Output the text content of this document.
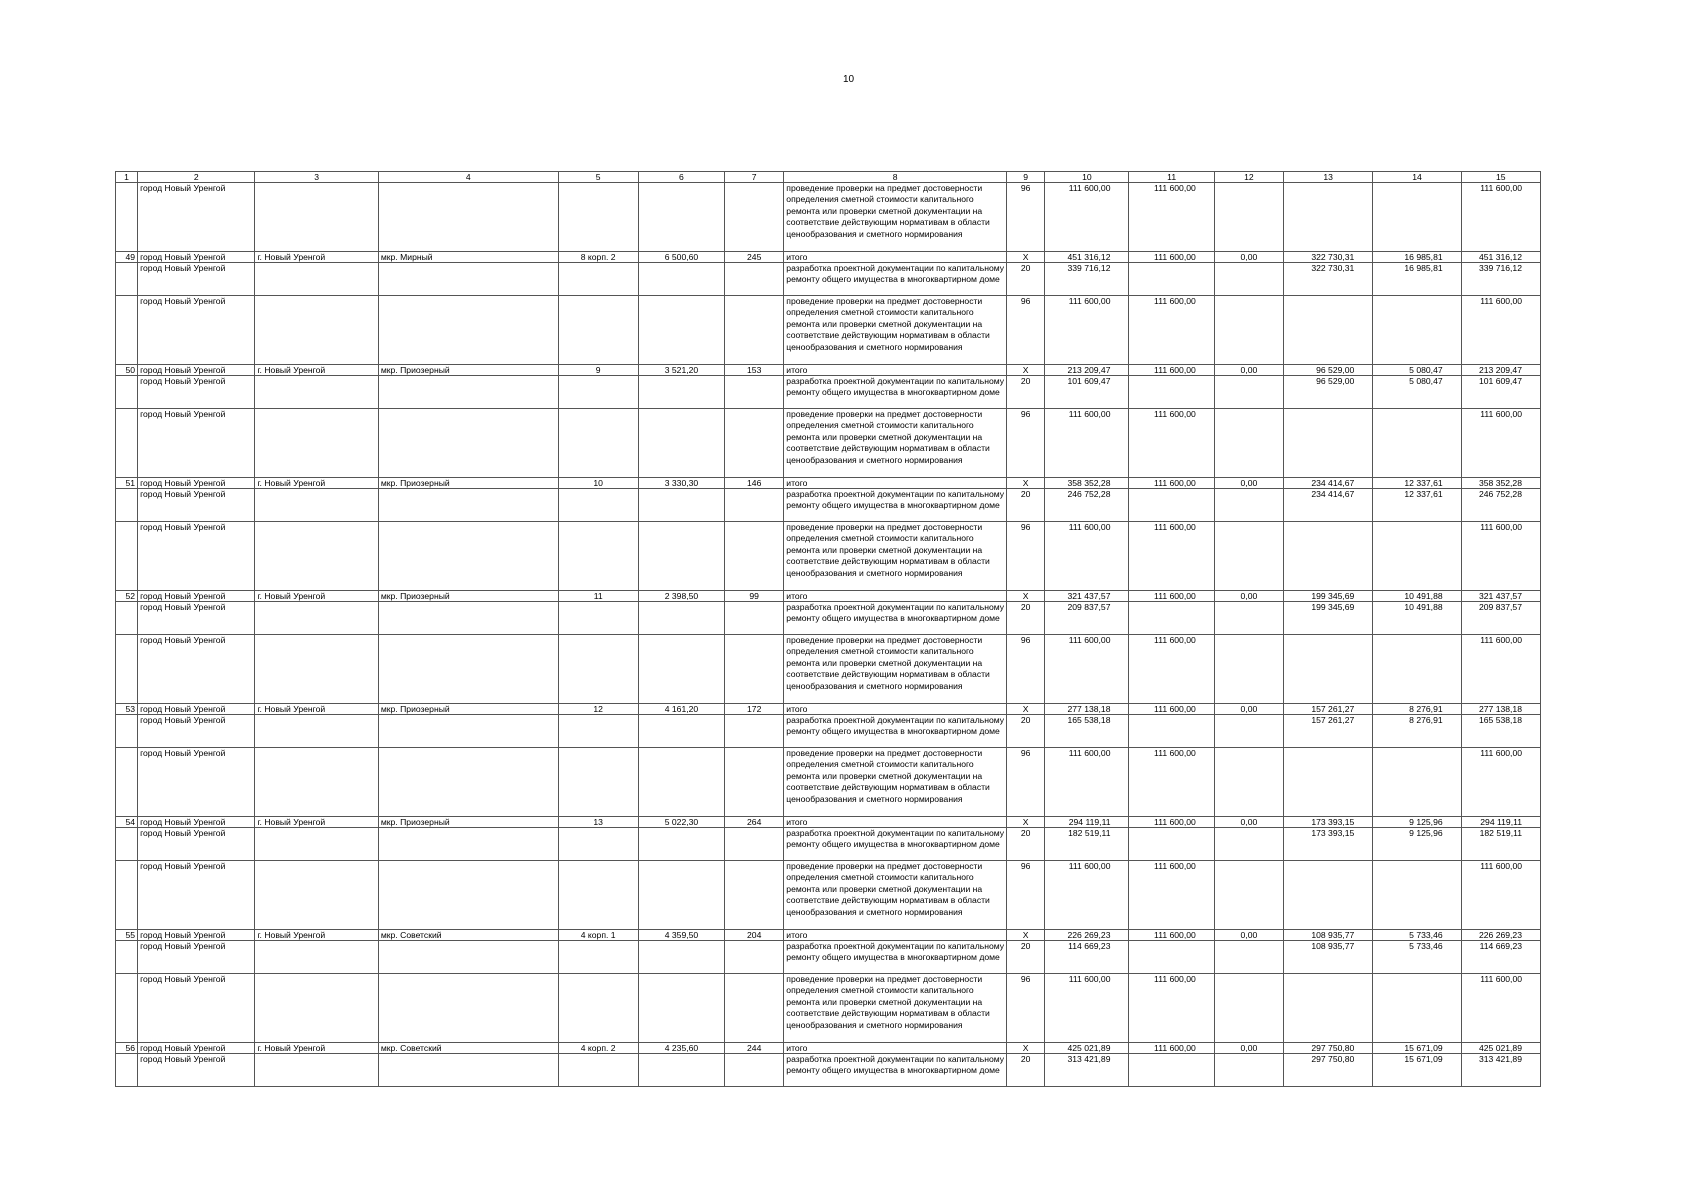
10
1	2	3	4	5	6	7	8	9	10	11	12	13	14	15
	город Новый Уренгой						проведение проверки на предмет достоверности определения сметной стоимости капитального ремонта или проверки сметной документации на соответствие действующим нормативам в области ценообразования и сметного нормирования	96	111 600,00	111 600,00				111 600,00
49	город Новый Уренгой	г. Новый Уренгой	мкр. Мирный	8 корп. 2	6 500,60	245	итого	Х	451 316,12	111 600,00	0,00	322 730,31	16 985,81	451 316,12
	город Новый Уренгой						разработка проектной документации по капитальному ремонту общего имущества в многоквартирном доме	20	339 716,12			322 730,31	16 985,81	339 716,12
	город Новый Уренгой						проведение проверки на предмет достоверности определения сметной стоимости капитального ремонта или проверки сметной документации на соответствие действующим нормативам в области ценообразования и сметного нормирования	96	111 600,00	111 600,00				111 600,00
50	город Новый Уренгой	г. Новый Уренгой	мкр. Приозерный	9	3 521,20	153	итого	Х	213 209,47	111 600,00	0,00	96 529,00	5 080,47	213 209,47
	город Новый Уренгой						разработка проектной документации по капитальному ремонту общего имущества в многоквартирном доме	20	101 609,47			96 529,00	5 080,47	101 609,47
	город Новый Уренгой						проведение проверки на предмет достоверности определения сметной стоимости капитального ремонта или проверки сметной документации на соответствие действующим нормативам в области ценообразования и сметного нормирования	96	111 600,00	111 600,00				111 600,00
51	город Новый Уренгой	г. Новый Уренгой	мкр. Приозерный	10	3 330,30	146	итого	Х	358 352,28	111 600,00	0,00	234 414,67	12 337,61	358 352,28
	город Новый Уренгой						разработка проектной документации по капитальному ремонту общего имущества в многоквартирном доме	20	246 752,28			234 414,67	12 337,61	246 752,28
	город Новый Уренгой						проведение проверки на предмет достоверности определения сметной стоимости капитального ремонта или проверки сметной документации на соответствие действующим нормативам в области ценообразования и сметного нормирования	96	111 600,00	111 600,00				111 600,00
52	город Новый Уренгой	г. Новый Уренгой	мкр. Приозерный	11	2 398,50	99	итого	Х	321 437,57	111 600,00	0,00	199 345,69	10 491,88	321 437,57
	город Новый Уренгой						разработка проектной документации по капитальному ремонту общего имущества в многоквартирном доме	20	209 837,57			199 345,69	10 491,88	209 837,57
	город Новый Уренгой						проведение проверки на предмет достоверности определения сметной стоимости капитального ремонта или проверки сметной документации на соответствие действующим нормативам в области ценообразования и сметного нормирования	96	111 600,00	111 600,00				111 600,00
53	город Новый Уренгой	г. Новый Уренгой	мкр. Приозерный	12	4 161,20	172	итого	Х	277 138,18	111 600,00	0,00	157 261,27	8 276,91	277 138,18
	город Новый Уренгой						разработка проектной документации по капитальному ремонту общего имущества в многоквартирном доме	20	165 538,18			157 261,27	8 276,91	165 538,18
	город Новый Уренгой						проведение проверки на предмет достоверности определения сметной стоимости капитального ремонта или проверки сметной документации на соответствие действующим нормативам в области ценообразования и сметного нормирования	96	111 600,00	111 600,00				111 600,00
54	город Новый Уренгой	г. Новый Уренгой	мкр. Приозерный	13	5 022,30	264	итого	Х	294 119,11	111 600,00	0,00	173 393,15	9 125,96	294 119,11
	город Новый Уренгой						разработка проектной документации по капитальному ремонту общего имущества в многоквартирном доме	20	182 519,11			173 393,15	9 125,96	182 519,11
	город Новый Уренгой						проведение проверки на предмет достоверности определения сметной стоимости капитального ремонта или проверки сметной документации на соответствие действующим нормативам в области ценообразования и сметного нормирования	96	111 600,00	111 600,00				111 600,00
55	город Новый Уренгой	г. Новый Уренгой	мкр. Советский	4 корп. 1	4 359,50	204	итого	Х	226 269,23	111 600,00	0,00	108 935,77	5 733,46	226 269,23
	город Новый Уренгой						разработка проектной документации по капитальному ремонту общего имущества в многоквартирном доме	20	114 669,23			108 935,77	5 733,46	114 669,23
	город Новый Уренгой						проведение проверки на предмет достоверности определения сметной стоимости капитального ремонта или проверки сметной документации на соответствие действующим нормативам в области ценообразования и сметного нормирования	96	111 600,00	111 600,00				111 600,00
56	город Новый Уренгой	г. Новый Уренгой	мкр. Советский	4 корп. 2	4 235,60	244	итого	Х	425 021,89	111 600,00	0,00	297 750,80	15 671,09	425 021,89
	город Новый Уренгой						разработка проектной документации по капитальному ремонту общего имущества в многоквартирном доме	20	313 421,89			297 750,80	15 671,09	313 421,89
